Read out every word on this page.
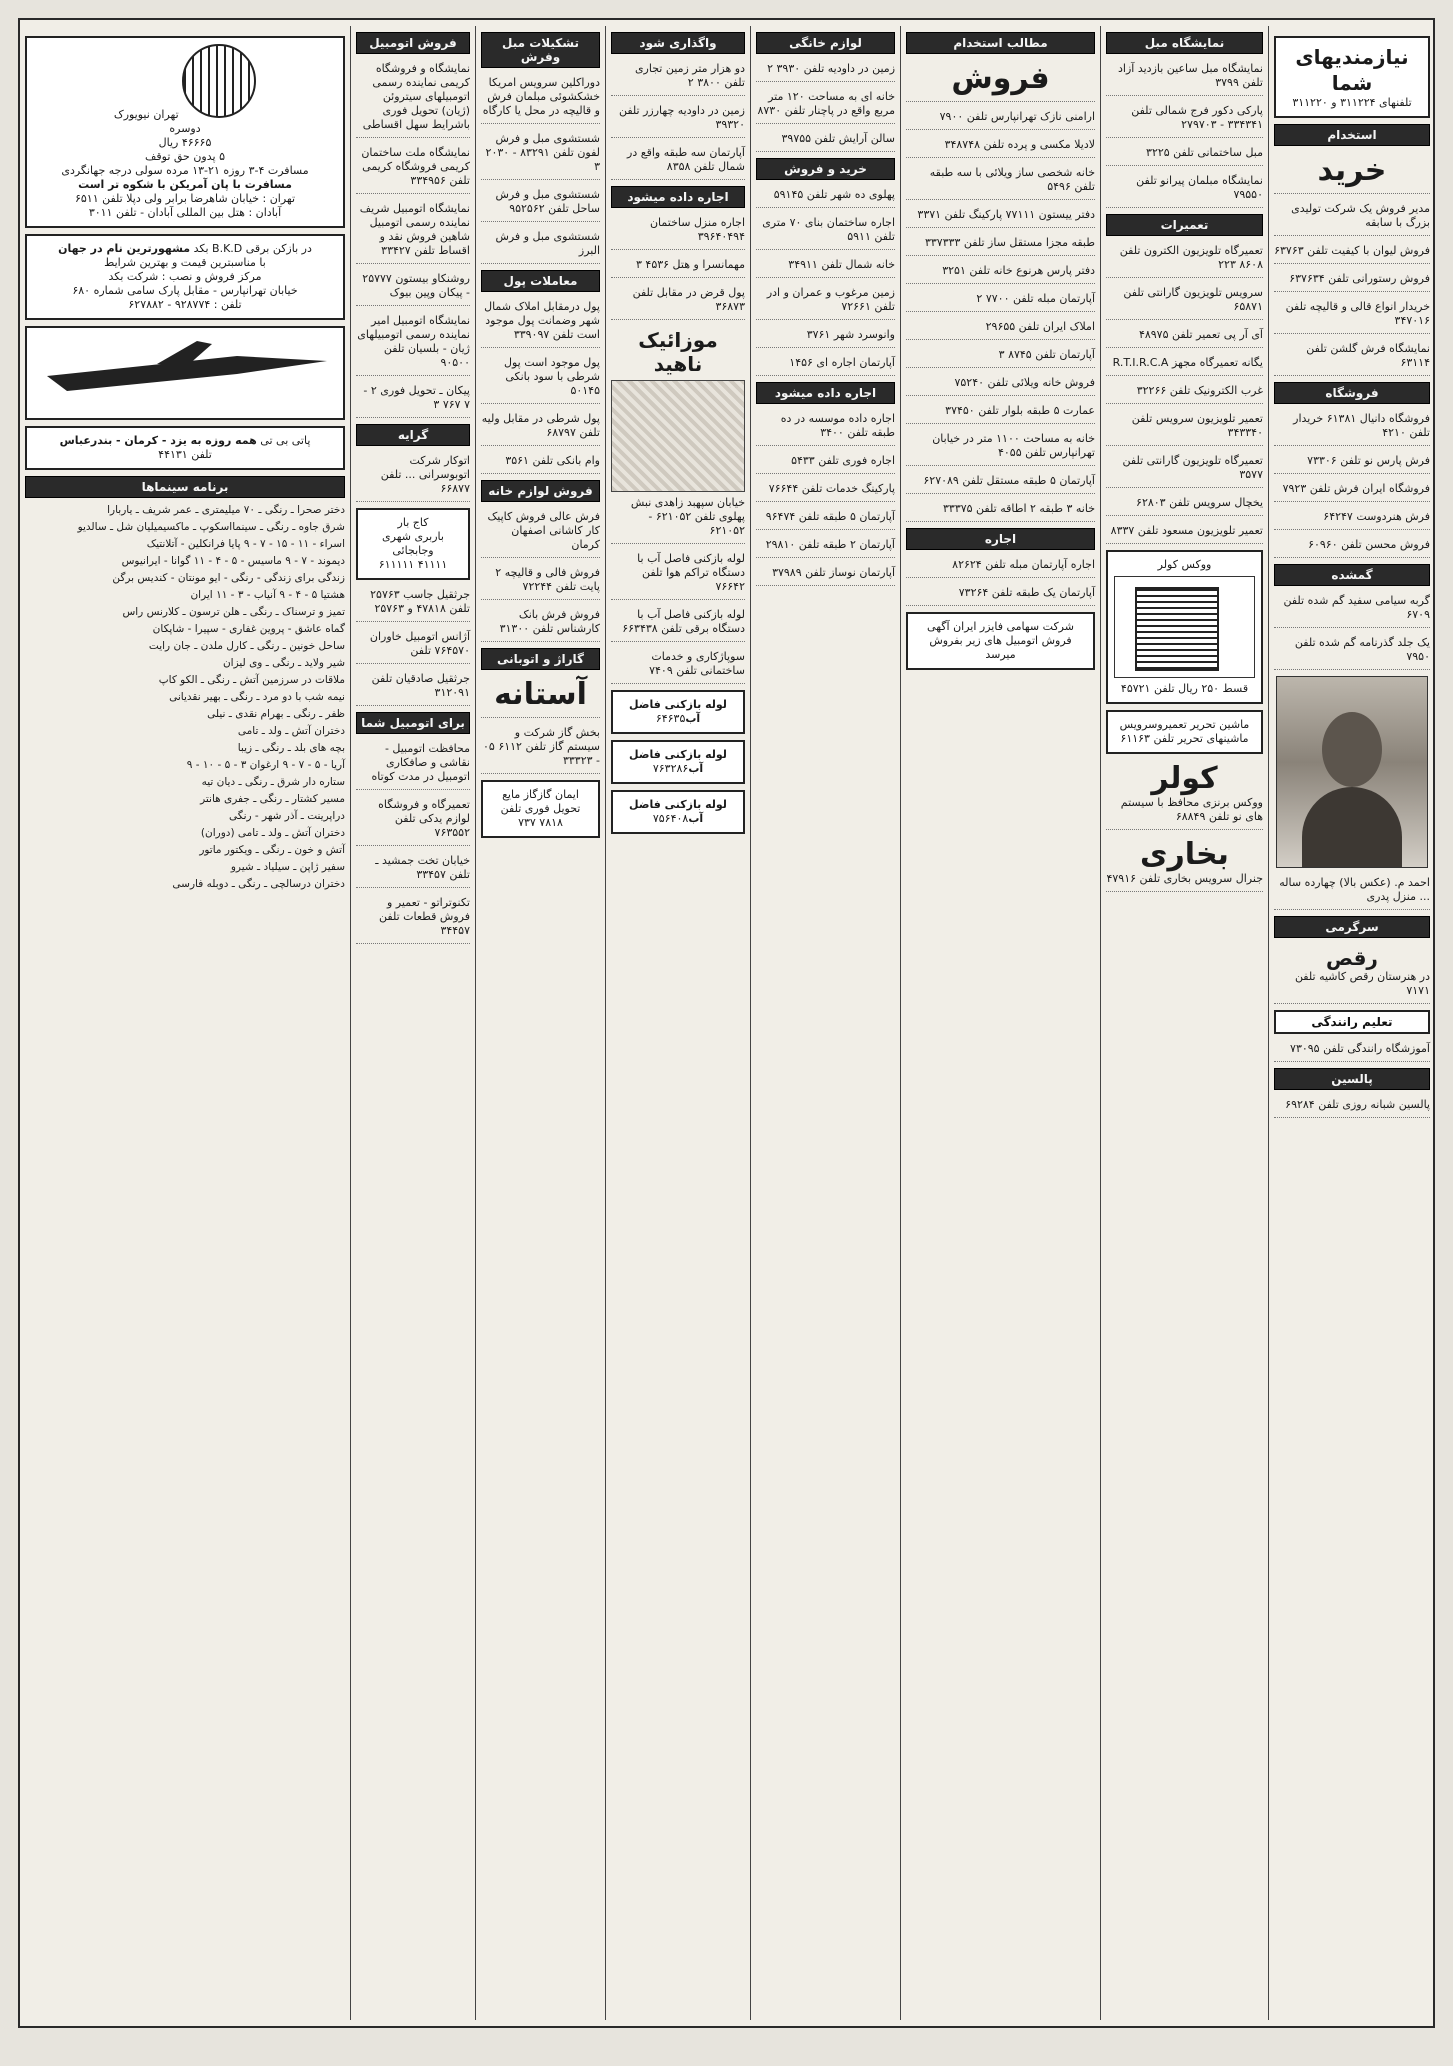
نیازمندیهای شما
تلفنهای ۳۱۱۲۲۴ و ۳۱۱۲۲۰
استخدام
خرید
مدیر فروش یک شرکت تولیدی بزرگ با سابقه
فروش لیوان با کیفیت تلفن ۶۳۷۶۳
فروش رستورانی تلفن ۶۳۷۶۳۴
خریدار انواع قالی و قالیچه تلفن ۳۴۷۰۱۶
نمایشگاه فرش گلشن تلفن ۶۳۱۱۴
فروشگاه
فروشگاه دانیال ۶۱۳۸۱ خریدار تلفن ۴۲۱۰
فرش پارس نو تلفن ۷۳۳۰۶
فروشگاه ایران فرش تلفن ۷۹۲۳
فرش هنردوست ۶۴۲۴۷
فروش محسن تلفن ۶۰۹۶۰
گمشده
گربه سیامی سفید گم شده تلفن ۶۷۰۹
یک جلد گذرنامه گم شده تلفن ۷۹۵۰
احمد م. (عکس بالا) چهارده ساله ... منزل پدری
سرگرمی
رقص
در هنرستان رقص کاشیه تلفن ۷۱۷۱
تعلیم رانندگی
آموزشگاه رانندگی تلفن ۷۳۰۹۵
پالسین
پالسین شبانه روزی تلفن ۶۹۲۸۴
نمایشگاه مبل
نمایشگاه مبل ساعین بازدید آزاد تلفن ۳۷۹۹
پارکی دکور فرج شمالی تلفن ۳۳۴۳۴۱ - ۲۷۹۷۰۳
مبل ساختمانی تلفن ۳۲۲۵
نمایشگاه مبلمان پیرانو تلفن ۷۹۵۵۰
تعمیرات
تعمیرگاه تلویزیون الکترون تلفن ۸۶۰۸ ۲۲۳
سرویس تلویزیون گارانتی تلفن ۶۵۸۷۱
آی آر پی تعمیر تلفن ۴۸۹۷۵
یگانه تعمیرگاه مجهز R.T.I.R.C.A
غرب الکترونیک تلفن ۳۲۲۶۶
تعمیر تلویزیون سرویس تلفن ۳۴۳۳۴۰
تعمیرگاه تلویزیون گارانتی تلفن ۳۵۷۷
یخچال سرویس تلفن ۶۲۸۰۳
تعمیر تلویزیون مسعود تلفن ۸۳۳۷
ووکس کولر
قسط ۲۵۰ ریال تلفن ۴۵۷۲۱
ماشین تحریر تعمیروسرویس ماشینهای تحریر تلفن ۶۱۱۶۳
کولر
ووکس برنزی محافظ با سیستم های نو تلفن ۶۸۸۴۹
بخاری
جنرال سرویس بخاری تلفن ۴۷۹۱۶
مطالب استخدام
فروش
ارامنی نازک تهرانپارس تلفن ۷۹۰۰
لادیلا مکسی و پرده تلفن ۳۴۸۷۴۸
خانه شخصی ساز ویلائی با سه طبقه تلفن ۵۴۹۶
دفتر ییستون ۷۷۱۱۱ پارکینگ تلفن ۳۳۷۱
طبقه مجزا مستقل ساز تلفن ۳۳۷۳۳۳
دفتر پارس هرنوع خانه تلفن ۳۲۵۱
آپارتمان مبله تلفن ۷۷۰۰ ۲
املاک ایران تلفن ۲۹۶۵۵
آپارتمان تلفن ۸۷۴۵ ۳
فروش خانه ویلائی تلفن ۷۵۲۴۰
عمارت ۵ طبقه بلوار تلفن ۳۷۴۵۰
خانه به مساحت ۱۱۰۰ متر در خیابان تهرانپارس تلفن ۴۰۵۵
آپارتمان ۵ طبقه مستقل تلفن ۶۲۷۰۸۹
خانه ۳ طبقه ۲ اطاقه تلفن ۳۳۳۷۵
اجاره
اجاره آپارتمان مبله تلفن ۸۲۶۲۴
آپارتمان یک طبقه تلفن ۷۳۲۶۴
شرکت سهامی فایزر ایران آگهی فروش اتومبیل های زیر بفروش میرسد
لوازم خانگی
زمین در داودیه تلفن ۳۹۳۰ ۲
خانه ای به مساحت ۱۲۰ متر مربع واقع در پاچنار تلفن ۸۷۳۰
سالن آرایش تلفن ۳۹۷۵۵
خرید و فروش
پهلوی ده شهر تلفن ۵۹۱۴۵
اجاره ساختمان بنای ۷۰ متری تلفن ۵۹۱۱
خانه شمال تلفن ۳۴۹۱۱
زمین مرغوب و عمران و ادر تلفن ۷۲۶۶۱
وانوسرد شهر ۳۷۶۱
آپارتمان اجاره ای ۱۴۵۶
اجاره داده میشود
اجاره داده موسسه در ده طبقه تلفن ۳۴۰۰
اجاره فوری تلفن ۵۴۳۳
پارکینگ خدمات تلفن ۷۶۶۴۴
آپارتمان ۵ طبقه تلفن ۹۶۴۷۴
آپارتمان ۲ طبقه تلفن ۲۹۸۱۰
آپارتمان نوساز تلفن ۳۷۹۸۹
واگذاری شود
دو هزار متر زمین تجاری تلفن ۳۸۰۰ ۲
زمین در داودیه چهارزر تلفن ۳۹۳۲۰
آپارتمان سه طبقه واقع در شمال تلفن ۸۳۵۸
اجاره داده میشود
اجاره منزل ساختمان ۳۹۶۴۰۴۹۴
مهمانسرا و هتل ۴۵۳۶ ۳
پول قرض در مقابل تلفن ۳۶۸۷۳
موزائیک ناهید
خیابان سپهبد زاهدی نبش پهلوی تلفن ۶۲۱۰۵۲ - ۶۲۱۰۵۲
لوله بازکنی فاصل آب با دستگاه تراکم هوا تلفن ۷۶۶۴۲
لوله بازکنی فاصل آب با دستگاه برقی تلفن ۶۶۳۴۳۸
سوپاژکاری و خدمات ساختمانی تلفن ۷۴۰۹
لوله بازکنی فاضل آب۶۴۶۳۵
لوله بازکنی فاضل آب۷۶۳۲۸۶
لوله بازکنی فاضل آب۷۵۶۴۰۸
تشکیلات مبل وفرش
دوراکلین سرویس امریکا خشکشوئی مبلمان فرش و قالیچه در محل یا کارگاه
شستشوی مبل و فرش لفون تلفن ۸۳۲۹۱ - ۲۰۳۰ ۳
شستشوی مبل و فرش ساحل تلفن ۹۵۲۵۶۲
شستشوی مبل و فرش البرز
معاملات پول
پول درمقابل املاک شمال شهر وضمانت پول موجود است تلفن ۳۳۹۰۹۷
پول موجود است پول شرطی با سود بانکی ۵۰۱۴۵
پول شرطی در مقابل ولیه تلفن ۶۸۷۹۷
وام بانکی تلفن ۳۵۶۱
فروش لوازم خانه
فرش عالی فروش کاپیک کار کاشانی اصفهان کرمان
فروش فالی و قالیچه ۲ پایت تلفن ۷۲۲۴۴
فروش فرش بانک کارشناس تلفن ۳۱۳۰۰
گاراژ و اتوبانی
آستانه
بخش گاز شرکت و سیستم گاز تلفن ۶۱۱۲ ۰۵ - ۳۳۳۲۳
ایمان گازگاز مایع تحویل فوری تلفن ۷۸۱۸ ۷۳۷
فروش اتومبیل
نمایشگاه و فروشگاه کریمی نماینده رسمی اتومبیلهای سیتروئن (ژیان) تحویل فوری باشرایط سهل اقساطی
نمایشگاه ملت ساختمان کریمی فروشگاه کریمی تلفن ۳۳۴۹۵۶
نمایشگاه اتومبیل شریف نماینده رسمی اتومبیل شاهین فروش نقد و اقساط تلفن ۳۳۴۲۷
روشنکاو بیستون ۲۵۷۷۷ - پیکان وپین بیوک
نمایشگاه اتومبیل امیر نماینده رسمی اتومبیلهای ژیان - بلسیان تلفن ۹۰۵۰۰
پیکان ـ تحویل فوری ۲ - ۷ ۷۶۷ ۳
گرایه
اتوکار شرکت اتوبوسرانی ... تلفن ۶۶۸۷۷
کاج بار
باربری شهری وجابجائی
۴۱۱۱۱ ۶۱۱۱۱۱
جرثقیل جاسب ۲۵۷۶۳ تلفن ۴۷۸۱۸ و ۲۵۷۶۳
آژانس اتومبیل خاوران ۷۶۴۵۷۰ تلفن
جرثقیل صادقیان تلفن ۳۱۲۰۹۱
برای اتومبیل شما
محافظت اتومبیل - نقاشی و صافکاری اتومبیل در مدت کوتاه
تعمیرگاه و فروشگاه لوازم یدکی تلفن ۷۶۳۵۵۲
خیابان تخت جمشید ـ تلفن ۳۳۴۵۷
تکنوتراتو - تعمیر و فروش قطعات تلفن ۳۴۴۵۷
تهران نیویورک
دوسره
۴۶۶۶۵ ریال
۵ پدون حق توقف
مسافرت ۴-۳ روزه ۲۱-۱۳ مرده سولی درجه جهانگردی
مسافرت با پان آمریکن با شکوه تر است
تهران : خیابان شاهرضا برابر ولی دپلا تلفن ۶۵۱۱
آبادان : هتل بین المللی آبادان - تلفن ۳۰۱۱
در بازکن برقی B.K.D بکد مشهورترین نام در جهان
با مناسبترین قیمت و بهترین شرایط
مرکز فروش و نصب : شرکت بکد
خیابان تهرانپارس - مقابل پارک سامی شماره ۶۸۰
تلفن : ۹۲۸۷۷۴ - ۶۲۷۸۸۲
پاتی بی تی همه روزه به یزد - کرمان - بندرعباس
تلفن ۴۴۱۳۱
برنامه سینماها
دختر صحرا ـ رنگی ـ ۷۰ میلیمتری ـ عمر شریف ـ یاربارا
شرق جاوه ـ رنگی ـ سینمااسکوپ ـ ماکسیمیلیان شل ـ سالدیو
اسراء - ۱۱ - ۱۵ - ۷ - ۹ پایا فرانکلین - آتلانتیک
دیموند - ۷ - ۹ ماسیس - ۵ - ۴ - ۱۱ گوانا - ایرانیوس
زندگی برای زندگی - رنگی - ایو مونتان - کندیس برگن
هشتیا ۵ - ۴ - ۹ آنیاب - ۳ - ۱۱ ایران
تمیز و ترسناک ـ رنگی ـ هلن ترسون ـ کلارنس راس
گماه عاشق - پروین غفاری - سپیرا - شاپکان
ساحل خونین ـ رنگی ـ کارل ملدن ـ جان رایت
شیر ولاید ـ رنگی ـ وی لیزان
ملاقات در سرزمین آتش ـ رنگی ـ الکو کاپ
نیمه شب با دو مرد ـ رنگی ـ بهیر نقدیانی
ظفر ـ رنگی ـ بهرام نقدی ـ نیلی
دختران آتش ـ ولد ـ تامی
بچه های بلد ـ رنگی ـ زیبا
آریا - ۵ - ۷ - ۹ ارغوان ۳ - ۵ - ۱۰ - ۹
ستاره دار شرق ـ رنگی ـ دیان تیه
مسیر کشتار ـ رنگی ـ جفری هانتر
دراپرینت ـ آذر شهر - رنگی
دختران آتش ـ ولد ـ تامی (دوران)
آتش و خون ـ رنگی ـ ویکتور ماتور
سفیر ژاپن ـ سیلیاد ـ شیرو
دختران درسالچی ـ رنگی ـ دوبله فارسی
